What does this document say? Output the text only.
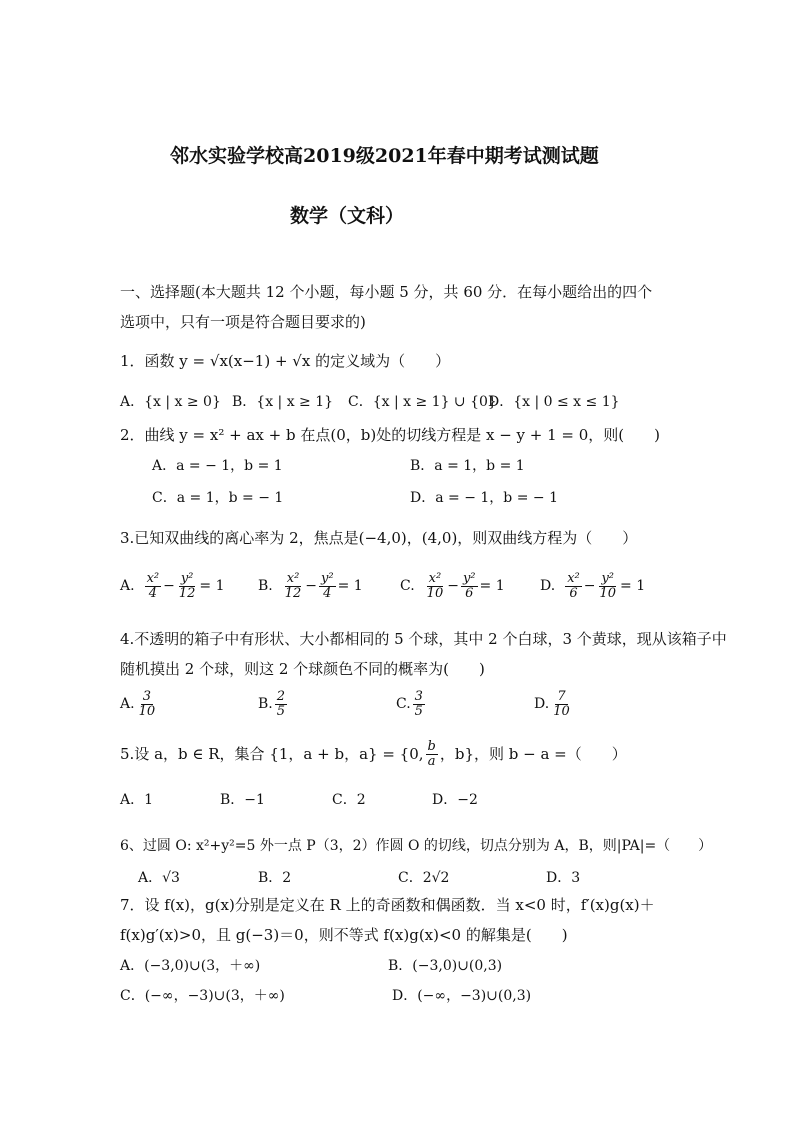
邻水实验学校高2019级2021年春中期考试测试题
数学（文科）
一、选择题(本大题共 12 个小题，每小题 5 分，共 60 分．在每小题给出的四个
选项中，只有一项是符合题目要求的)
1．函数 y = √x(x−1) + √x 的定义域为（　　）
A．{x | x ≥ 0} B．{x | x ≥ 1} C．{x | x ≥ 1} ∪ {0}
D．{x | 0 ≤ x ≤ 1}
2．曲线 y = x² + ax + b 在点(0，b)处的切线方程是 x − y + 1 = 0，则(　　)
A．a = − 1，b = 1	B．a = 1，b = 1
C．a = 1，b = − 1	D．a = − 1，b = − 1
3.已知双曲线的离心率为 2，焦点是(−4,0)，(4,0)，则双曲线方程为（　　）
A. $\frac{\text{x²}}{4} - \frac{\text{y²}}{12} = 1$ B. $\frac{\text{x²}}{12} - \frac{\text{y²}}{4} = 1$	C. $\frac{\text{x²}}{10} - \frac{\text{y²}}{6} = 1$	D. $\frac{\text{x²}}{6} - \frac{\text{y²}}{10} = 1$
4.不透明的箱子中有形状、大小都相同的 5 个球，其中 2 个白球，3 个黄球，现从该箱子中
随机摸出 2 个球，则这 2 个球颜色不同的概率为(　　)
A. $\frac{3}{10}$	B. $\frac{2}{5}$	C. $\frac{3}{5}$	D. $\frac{7}{10}$
5.设 a，b ∈ R，集合 {1，a + b，a} = {0, $\frac{b}{a}$ ，b}，则 b − a =（　　）
A．1	B．−1	C．2	D．−2
6、过圆 O: x²+y²=5 外一点 P（3，2）作圆 O 的切线，切点分别为 A，B，则|PA|=（　　）
A．√3	B．2	C．2√2	D．3
7．设 f(x)，g(x)分别是定义在 R 上的奇函数和偶函数．当 x<0 时，f′(x)g(x)＋
f(x)g′(x)>0，且 g(−3)＝0，则不等式 f(x)g(x)<0 的解集是(　　)
A．(−3,0)∪(3，＋∞)	B．(−3,0)∪(0,3)
C．(−∞，−3)∪(3，＋∞)	D．(−∞，−3)∪(0,3)
